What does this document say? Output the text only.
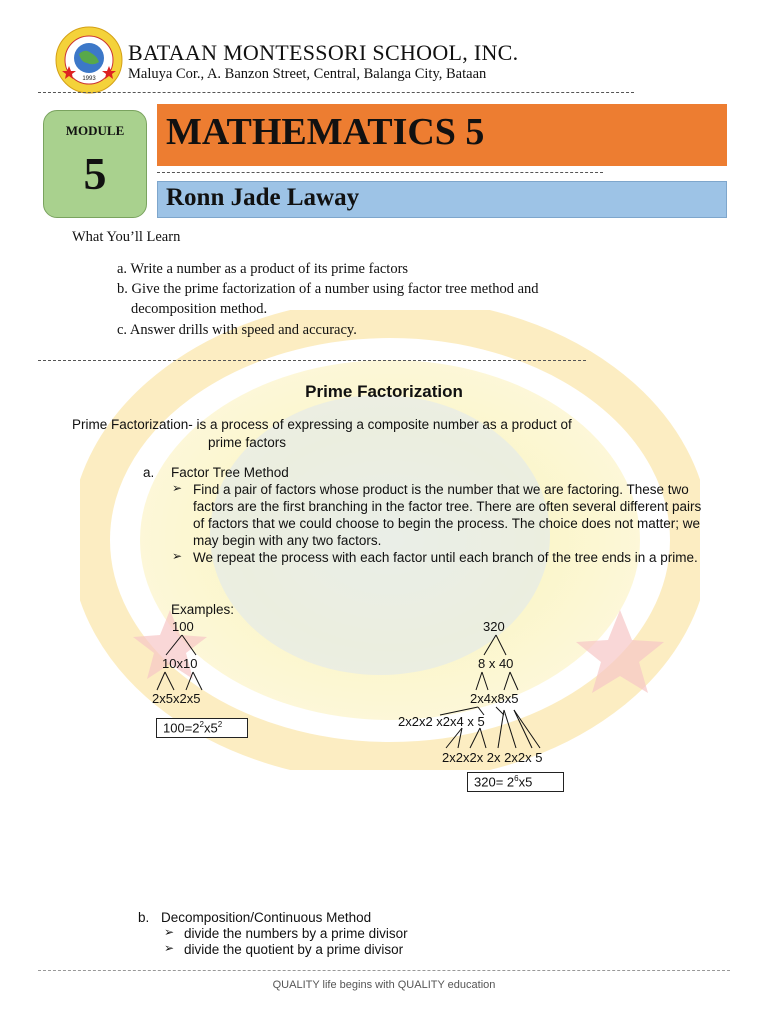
1993
BATAAN MONTESSORI SCHOOL, INC.
Maluya Cor., A. Banzon Street, Central, Balanga City, Bataan
MODULE
5
MATHEMATICS 5
Ronn Jade Laway
What You’ll Learn
a. Write a number as a product of its prime factors
b. Give the prime factorization of a number using factor tree method and
decomposition method.
c. Answer drills with speed and accuracy.
Prime Factorization
Prime Factorization- is a process of expressing a composite number as a product of
prime factors
a. Factor Tree Method
➢ Find a pair of factors whose product is the number that we are factoring. These two factors are the first branching in the factor tree. There are often several different pairs of factors that we could choose to begin the process. The choice does not matter; we may begin with any two factors.
➢ We repeat the process with each factor until each branch of the tree ends in a prime.
Examples:
100
10x10
2x5x2x5
$100=2^2x5^2$
320
8 x 40
2x4x8x5
2x2x2 x2x4 x 5
2x2x2x 2x 2x2x 5
$320= 2^6x5$
b. Decomposition/Continuous Method
➢ divide the numbers by a prime divisor
➢ divide the quotient by a prime divisor
QUALITY life begins with QUALITY education
